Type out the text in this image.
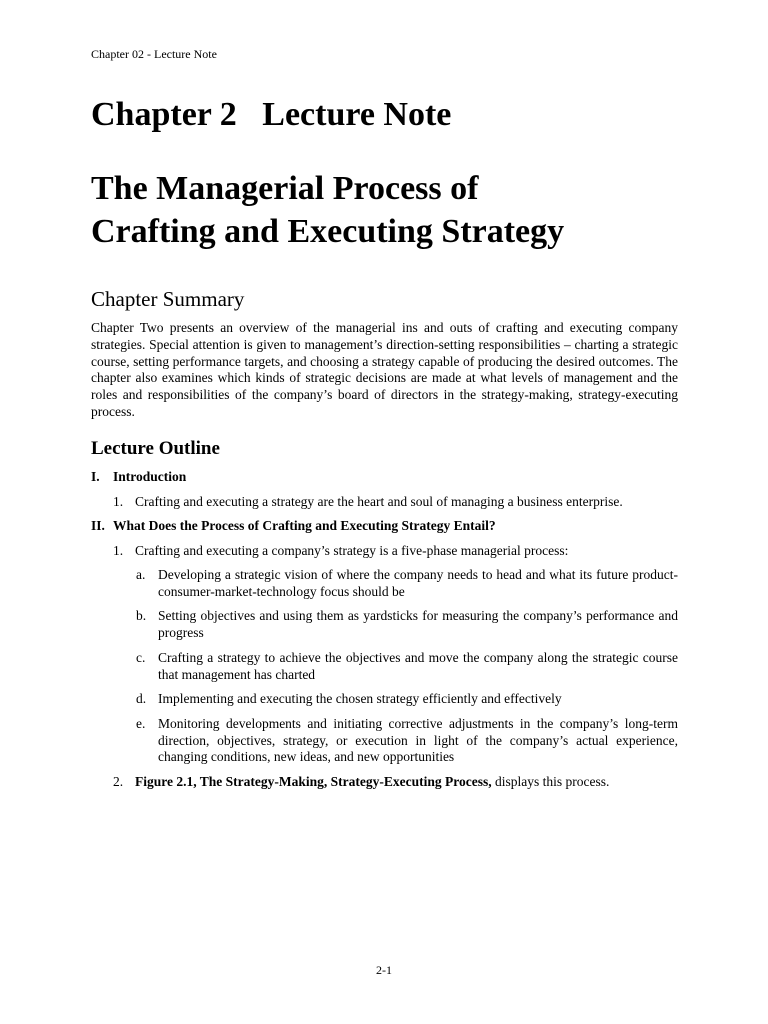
Chapter 02 - Lecture Note
Chapter 2   Lecture Note
The Managerial Process of
Crafting and Executing Strategy
Chapter Summary

Chapter Two presents an overview of the managerial ins and outs of crafting and executing company strategies. Special attention is given to management’s direction-setting responsibilities – charting a strategic course, setting performance targets, and choosing a strategy capable of producing the desired outcomes. The chapter also examines which kinds of strategic decisions are made at what levels of management and the roles and responsibilities of the company’s board of directors in the strategy-making, strategy-executing process.

Lecture Outline
I. Introduction
1. Crafting and executing a strategy are the heart and soul of managing a business enterprise.
II. What Does the Process of Crafting and Executing Strategy Entail?
1. Crafting and executing a company’s strategy is a five-phase managerial process:
a. Developing a strategic vision of where the company needs to head and what its future product-consumer-market-technology focus should be
b. Setting objectives and using them as yardsticks for measuring the company’s performance and progress
c. Crafting a strategy to achieve the objectives and move the company along the strategic course that management has charted
d. Implementing and executing the chosen strategy efficiently and effectively
e. Monitoring developments and initiating corrective adjustments in the company’s long-term direction, objectives, strategy, or execution in light of the company’s actual experience, changing conditions, new ideas, and new opportunities
2. Figure 2.1, The Strategy-Making, Strategy-Executing Process, displays this process.
2-1
